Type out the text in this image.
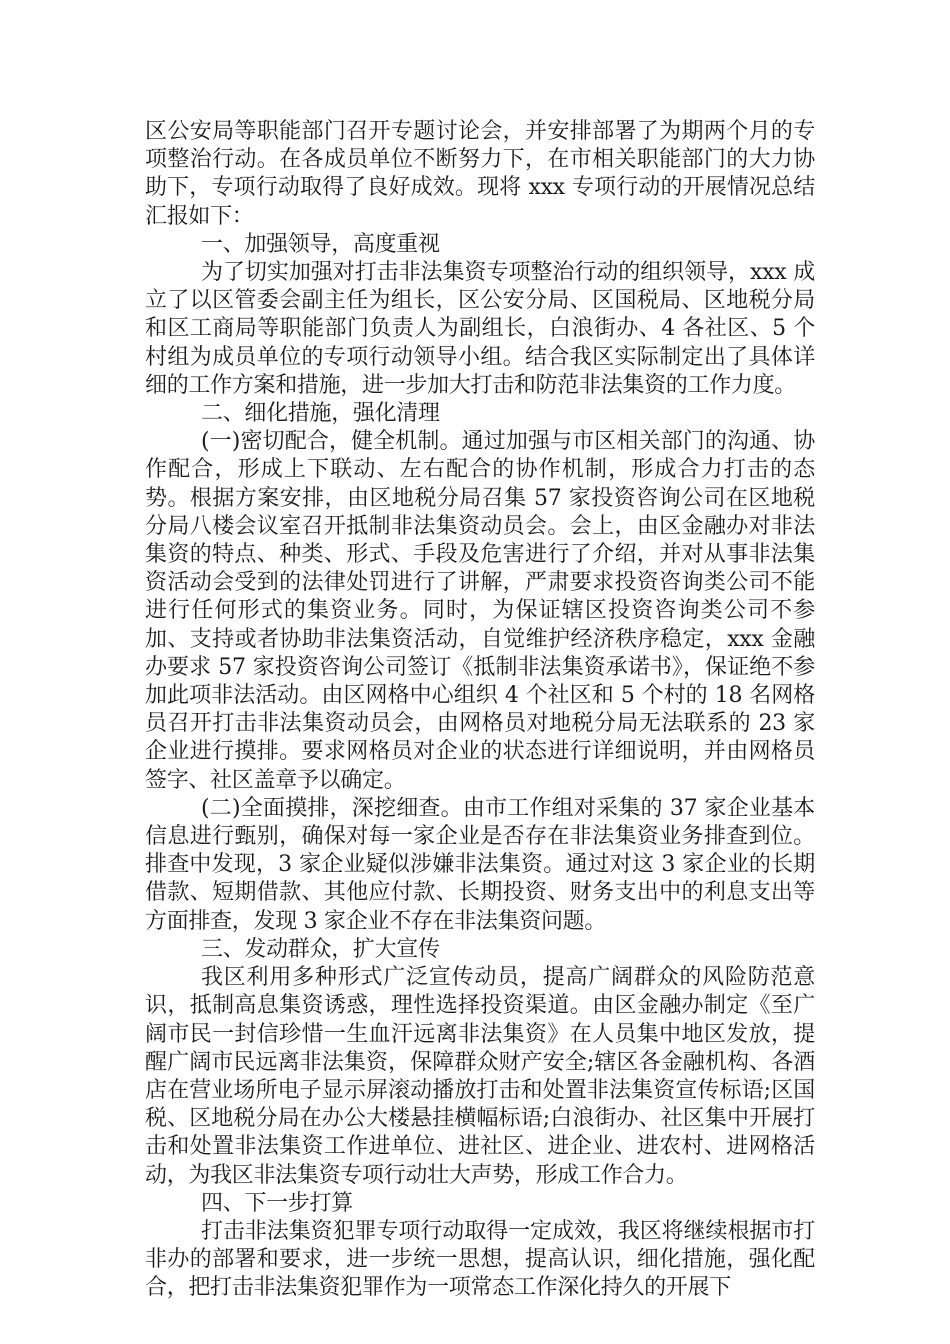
区公安局等职能部门召开专题讨论会，并安排部署了为期两个月的专项整治行动。在各成员单位不断努力下，在市相关职能部门的大力协助下，专项行动取得了良好成效。现将 xxx 专项行动的开展情况总结汇报如下：

一、加强领导，高度重视

为了切实加强对打击非法集资专项整治行动的组织领导，xxx 成立了以区管委会副主任为组长，区公安分局、区国税局、区地税分局和区工商局等职能部门负责人为副组长，白浪街办、4 各社区、5 个村组为成员单位的专项行动领导小组。结合我区实际制定出了具体详细的工作方案和措施，进一步加大打击和防范非法集资的工作力度。

二、细化措施，强化清理

(一)密切配合，健全机制。通过加强与市区相关部门的沟通、协作配合，形成上下联动、左右配合的协作机制，形成合力打击的态势。根据方案安排，由区地税分局召集 57 家投资咨询公司在区地税分局八楼会议室召开抵制非法集资动员会。会上，由区金融办对非法集资的特点、种类、形式、手段及危害进行了介绍，并对从事非法集资活动会受到的法律处罚进行了讲解，严肃要求投资咨询类公司不能进行任何形式的集资业务。同时，为保证辖区投资咨询类公司不参加、支持或者协助非法集资活动，自觉维护经济秩序稳定，xxx 金融办要求 57 家投资咨询公司签订《抵制非法集资承诺书》，保证绝不参加此项非法活动。由区网格中心组织 4 个社区和 5 个村的 18 名网格员召开打击非法集资动员会，由网格员对地税分局无法联系的 23 家企业进行摸排。要求网格员对企业的状态进行详细说明，并由网格员签字、社区盖章予以确定。

(二)全面摸排，深挖细查。由市工作组对采集的 37 家企业基本信息进行甄别，确保对每一家企业是否存在非法集资业务排查到位。排查中发现，3 家企业疑似涉嫌非法集资。通过对这 3 家企业的长期借款、短期借款、其他应付款、长期投资、财务支出中的利息支出等方面排查，发现 3 家企业不存在非法集资问题。

三、发动群众，扩大宣传

我区利用多种形式广泛宣传动员，提高广阔群众的风险防范意识，抵制高息集资诱惑，理性选择投资渠道。由区金融办制定《至广阔市民一封信珍惜一生血汗远离非法集资》在人员集中地区发放，提醒广阔市民远离非法集资，保障群众财产安全;辖区各金融机构、各酒店在营业场所电子显示屏滚动播放打击和处置非法集资宣传标语;区国税、区地税分局在办公大楼悬挂横幅标语;白浪街办、社区集中开展打击和处置非法集资工作进单位、进社区、进企业、进农村、进网格活动，为我区非法集资专项行动壮大声势，形成工作合力。

四、下一步打算

打击非法集资犯罪专项行动取得一定成效，我区将继续根据市打非办的部署和要求，进一步统一思想，提高认识，细化措施，强化配合，把打击非法集资犯罪作为一项常态工作深化持久的开展下
